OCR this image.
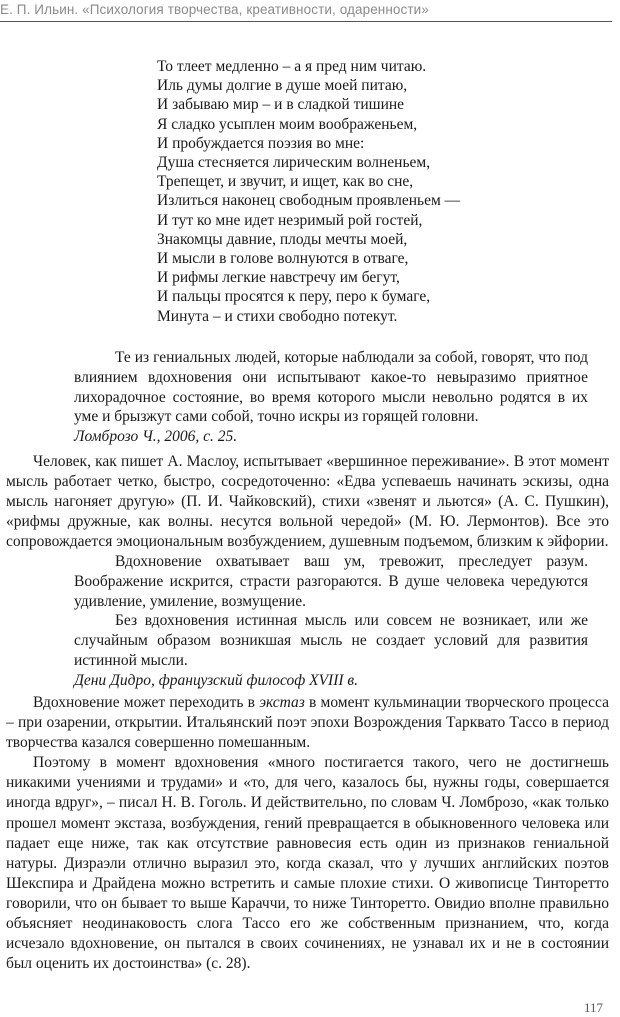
Е. П. Ильин. «Психология творчества, креативности, одаренности»
То тлеет медленно – а я пред ним читаю.
Иль думы долгие в душе моей питаю,
И забываю мир – и в сладкой тишине
Я сладко усыплен моим воображеньем,
И пробуждается поэзия во мне:
Душа стесняется лирическим волненьем,
Трепещет, и звучит, и ищет, как во сне,
Излиться наконец свободным проявленьем —
И тут ко мне идет незримый рой гостей,
Знакомцы давние, плоды мечты моей,
И мысли в голове волнуются в отваге,
И рифмы легкие навстречу им бегут,
И пальцы просятся к перу, перо к бумаге,
Минута – и стихи свободно потекут.
Те из гениальных людей, которые наблюдали за собой, говорят, что под влиянием вдохновения они испытывают какое-то невыразимо приятное лихорадочное состояние, во время которого мысли невольно родятся в их уме и брызжут сами собой, точно искры из горящей головни.
Ломброзо Ч., 2006, с. 25.
Человек, как пишет А. Маслоу, испытывает «вершинное переживание». В этот момент мысль работает четко, быстро, сосредоточенно: «Едва успеваешь начинать эскизы, одна мысль нагоняет другую» (П. И. Чайковский), стихи «звенят и льются» (А. С. Пушкин), «рифмы дружные, как волны. несутся вольной чередой» (М. Ю. Лермонтов). Все это сопровождается эмоциональным возбуждением, душевным подъемом, близким к эйфории.
Вдохновение охватывает ваш ум, тревожит, преследует разум. Воображение искрится, страсти разгораются. В душе человека чередуются удивление, умиление, возмущение.
Без вдохновения истинная мысль или совсем не возникает, или же случайным образом возникшая мысль не создает условий для развития истинной мысли.
Дени Дидро, французский философ XVIII в.
Вдохновение может переходить в экстаз в момент кульминации творческого процесса – при озарении, открытии. Итальянский поэт эпохи Возрождения Тарквато Тассо в период творчества казался совершенно помешанным.
Поэтому в момент вдохновения «много постигается такого, чего не достигнешь никакими учениями и трудами» и «то, для чего, казалось бы, нужны годы, совершается иногда вдруг», – писал Н. В. Гоголь. И действительно, по словам Ч. Ломброзо, «как только прошел момент экстаза, возбуждения, гений превращается в обыкновенного человека или падает еще ниже, так как отсутствие равновесия есть один из признаков гениальной натуры. Дизраэли отлично выразил это, когда сказал, что у лучших английских поэтов Шекспира и Драйдена можно встретить и самые плохие стихи. О живописце Тинторетто говорили, что он бывает то выше Караччи, то ниже Тинторетто. Овидио вполне правильно объясняет неодинаковость слога Тассо его же собственным признанием, что, когда исчезало вдохновение, он пытался в своих сочинениях, не узнавал их и не в состоянии был оценить их достоинства» (с. 28).
117
